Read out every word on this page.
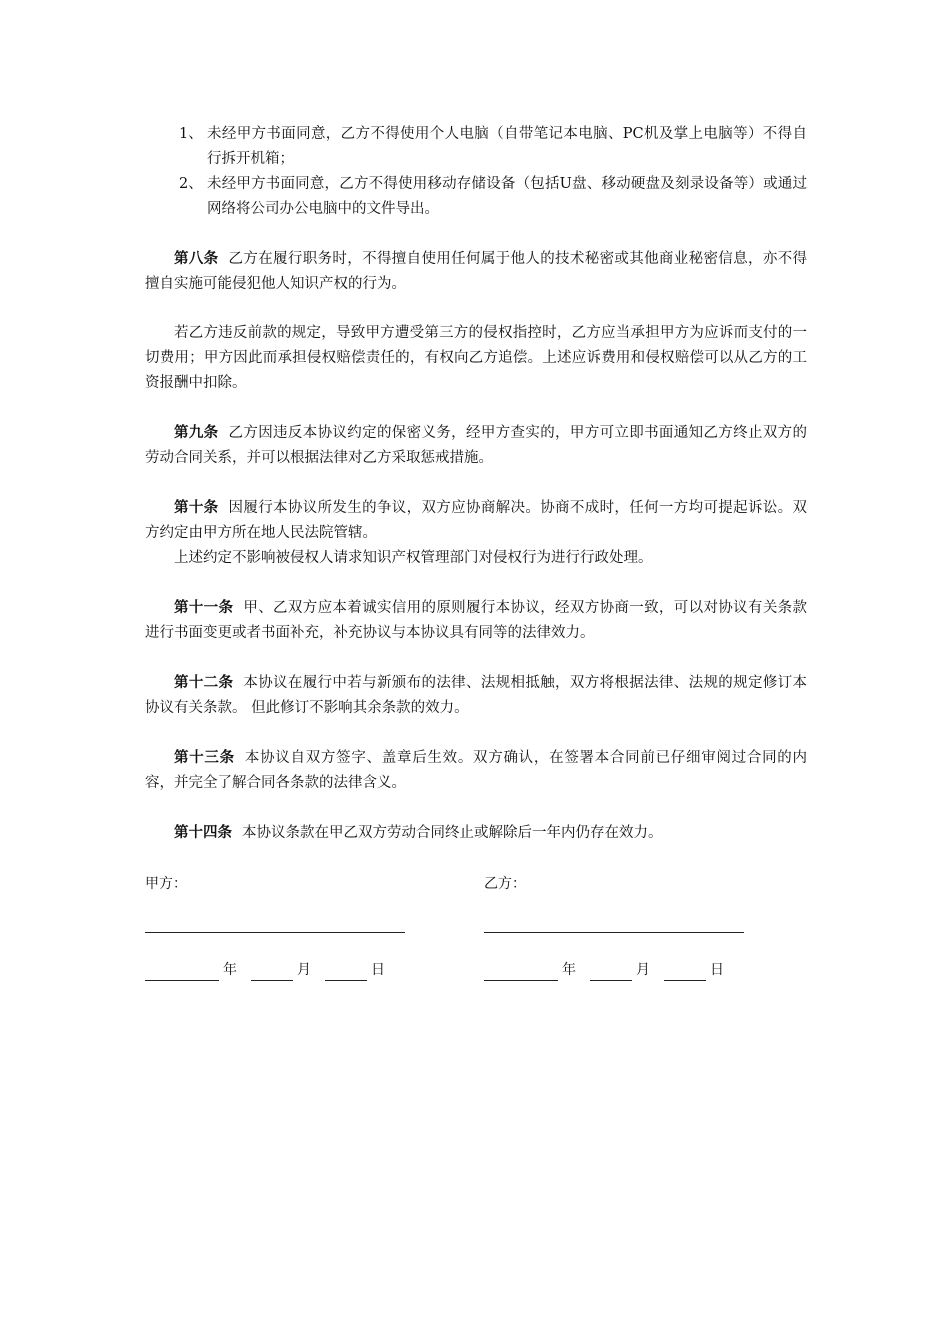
1、 未经甲方书面同意，乙方不得使用个人电脑（自带笔记本电脑、PC机及掌上电脑等）不得自行拆开机箱；
2、 未经甲方书面同意，乙方不得使用移动存储设备（包括U盘、移动硬盘及刻录设备等）或通过网络将公司办公电脑中的文件导出。

第八条 乙方在履行职务时，不得擅自使用任何属于他人的技术秘密或其他商业秘密信息，亦不得擅自实施可能侵犯他人知识产权的行为。

若乙方违反前款的规定，导致甲方遭受第三方的侵权指控时，乙方应当承担甲方为应诉而支付的一切费用；甲方因此而承担侵权赔偿责任的，有权向乙方追偿。上述应诉费用和侵权赔偿可以从乙方的工资报酬中扣除。

第九条 乙方因违反本协议约定的保密义务，经甲方查实的，甲方可立即书面通知乙方终止双方的劳动合同关系，并可以根据法律对乙方采取惩戒措施。

第十条 因履行本协议所发生的争议，双方应协商解决。协商不成时，任何一方均可提起诉讼。双方约定由甲方所在地人民法院管辖。

上述约定不影响被侵权人请求知识产权管理部门对侵权行为进行行政处理。

第十一条 甲、乙双方应本着诚实信用的原则履行本协议，经双方协商一致，可以对协议有关条款进行书面变更或者书面补充，补充协议与本协议具有同等的法律效力。

第十二条 本协议在履行中若与新颁布的法律、法规相抵触，双方将根据法律、法规的规定修订本协议有关条款。 但此修订不影响其余条款的效力。

第十三条 本协议自双方签字、盖章后生效。双方确认，在签署本合同前已仔细审阅过合同的内容，并完全了解合同各条款的法律含义。

第十四条 本协议条款在甲乙双方劳动合同终止或解除后一年内仍存在效力。

甲方：
年	月	日
乙方：
年	月	日
